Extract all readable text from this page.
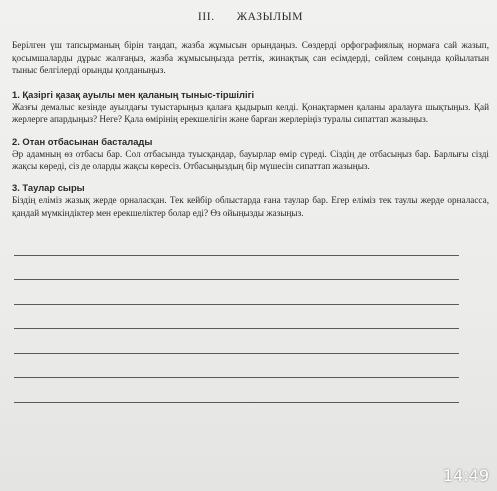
III. ЖАЗЫЛЫМ

Берілген үш тапсырманың бірін таңдап, жазба жұмысын орындаңыз. Сөздерді орфографиялық нормаға сай жазып, қосымшаларды дұрыс жалғаңыз, жазба жұмысыңызда реттік, жинақтық сан есімдерді, сөйлем соңында қойылатын тыныс белгілерді орынды қолданыңыз.

1. Қазіргі қазақ ауылы мен қаланың тыныс-тіршілігі

Жазғы демалыс кезінде ауылдағы туыстарыңыз қалаға қыдырып келді. Қонақтармен қаланы аралауға шықтыңыз. Қай жерлерге апардыңыз? Неге? Қала өмірінің ерекшелігін және барған жерлеріңіз туралы сипаттап жазыңыз.

2. Отан отбасынан басталады

Әр адамның өз отбасы бар. Сол отбасында туысқандар, бауырлар өмір сүреді. Сіздің де отбасыңыз бар. Барлығы сізді жақсы көреді, сіз де оларды жақсы көресіз. Отбасыңыздың бір мүшесін сипаттап жазыңыз.

3. Таулар сыры

Біздің еліміз жазық жерде орналасқан. Тек кейбір облыстарда ғана таулар бар. Егер еліміз тек таулы жерде орналасса, қандай мүмкіндіктер мен ерекшеліктер болар еді? Өз ойыңызды жазыңыз.

14:49
